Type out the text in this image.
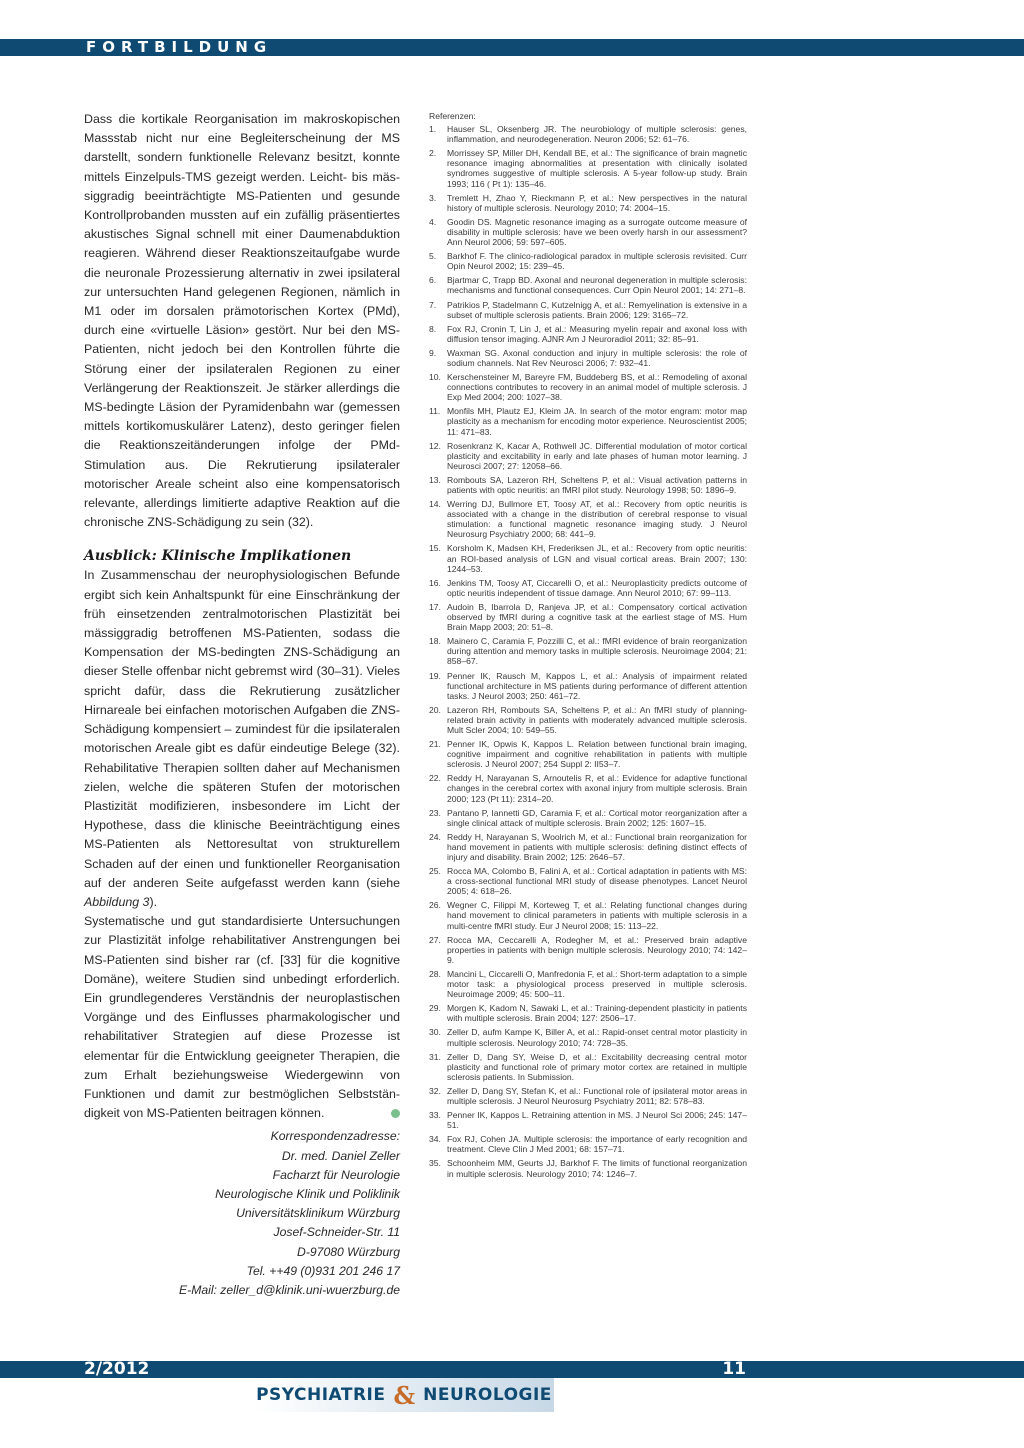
FORTBILDUNG

Dass die kortikale Reorganisation im makroskopischen Massstab nicht nur eine Begleiterscheinung der MS darstellt, sondern funktionelle Relevanz besitzt, konnte mittels Einzelpuls-TMS gezeigt werden. Leicht- bis mässiggradig beeinträchtigte MS-Patienten und gesunde Kontrollprobanden mussten auf ein zufällig präsentiertes akustisches Signal schnell mit einer Daumenabduktion reagieren. Während dieser Reaktionszeitaufgabe wurde die neuronale Prozessierung alternativ in zwei ipsilateral zur untersuchten Hand gelegenen Regionen, nämlich in M1 oder im dorsalen prämotorischen Kortex (PMd), durch eine «virtuelle Läsion» gestört. Nur bei den MS-Patienten, nicht jedoch bei den Kontrollen führte die Störung einer der ipsilateralen Regionen zu einer Verlängerung der Reaktionszeit. Je stärker allerdings die MS-bedingte Läsion der Pyramidenbahn war (gemessen mittels kortikomuskulärer Latenz), desto geringer fielen die Reaktionszeitänderungen infolge der PMd-Stimulation aus. Die Rekrutierung ipsilateraler motorischer Areale scheint also eine kompensatorisch relevante, allerdings limitierte adaptive Reaktion auf die chronische ZNS-Schädigung zu sein (32).

Ausblick: Klinische Implikationen

In Zusammenschau der neurophysiologischen Befunde ergibt sich kein Anhaltspunkt für eine Einschränkung der früh einsetzenden zentralmotorischen Plastizität bei mässiggradig betroffenen MS-Patienten, sodass die Kompensation der MS-bedingten ZNS-Schädigung an dieser Stelle offenbar nicht gebremst wird (30–31). Vieles spricht dafür, dass die Rekrutierung zusätzlicher Hirnareale bei einfachen motorischen Aufgaben die ZNS-Schädigung kompensiert – zumindest für die ipsilateralen motorischen Areale gibt es dafür eindeutige Belege (32). Rehabilitative Therapien sollten daher auf Mechanismen zielen, welche die späteren Stufen der motorischen Plastizität modifizieren, insbesondere im Licht der Hypothese, dass die klinische Beeinträchtigung eines MS-Patienten als Nettoresultat von strukturellem Schaden auf der einen und funktioneller Reorganisation auf der anderen Seite aufgefasst werden kann (siehe Abbildung 3).

Systematische und gut standardisierte Untersuchungen zur Plastizität infolge rehabilitativer Anstrengungen bei MS-Patienten sind bisher rar (cf. [33] für die kognitive Domäne), weitere Studien sind unbedingt erforderlich. Ein grundlegenderes Verständnis der neuroplastischen Vorgänge und des Einflusses pharmakologischer und rehabilitativer Strategien auf diese Prozesse ist elementar für die Entwicklung geeigneter Therapien, die zum Erhalt beziehungsweise Wiedergewinn von Funktionen und damit zur bestmöglichen Selbstständigkeit von MS-Patienten beitragen können.

Korrespondenzadresse:
Dr. med. Daniel Zeller
Facharzt für Neurologie
Neurologische Klinik und Poliklinik
Universitätsklinikum Würzburg
Josef-Schneider-Str. 11
D-97080 Würzburg
Tel. ++49 (0)931 201 246 17
E-Mail: zeller_d@klinik.uni-wuerzburg.de
Referenzen:
1.	Hauser SL, Oksenberg JR. The neurobiology of multiple sclerosis: genes, inflammation, and neurodegeneration. Neuron 2006; 52: 61–76.
2.	Morrissey SP, Miller DH, Kendall BE, et al.: The significance of brain magnetic resonance imaging abnormalities at presentation with clinically isolated syndromes suggestive of multiple sclerosis. A 5-year follow-up study. Brain 1993; 116 ( Pt 1): 135–46.
3.	Tremlett H, Zhao Y, Rieckmann P, et al.: New perspectives in the natural history of multiple sclerosis. Neurology 2010; 74: 2004–15.
4.	Goodin DS. Magnetic resonance imaging as a surrogate outcome measure of disability in multiple sclerosis: have we been overly harsh in our assessment? Ann Neurol 2006; 59: 597–605.
5.	Barkhof F. The clinico-radiological paradox in multiple sclerosis revisited. Curr Opin Neurol 2002; 15: 239–45.
6.	Bjartmar C, Trapp BD. Axonal and neuronal degeneration in multiple sclerosis: mechanisms and functional consequences. Curr Opin Neurol 2001; 14: 271–8.
7.	Patrikios P, Stadelmann C, Kutzelnigg A, et al.: Remyelination is extensive in a subset of multiple sclerosis patients. Brain 2006; 129: 3165–72.
8.	Fox RJ, Cronin T, Lin J, et al.: Measuring myelin repair and axonal loss with diffusion tensor imaging. AJNR Am J Neuroradiol 2011; 32: 85–91.
9.	Waxman SG. Axonal conduction and injury in multiple sclerosis: the role of sodium channels. Nat Rev Neurosci 2006; 7: 932–41.
10. Kerschensteiner M, Bareyre FM, Buddeberg BS, et al.: Remodeling of axonal connections contributes to recovery in an animal model of multiple sclerosis. J Exp Med 2004; 200: 1027–38.
11. Monfils MH, Plautz EJ, Kleim JA. In search of the motor engram: motor map plasticity as a mechanism for encoding motor experience. Neuroscientist 2005; 11: 471–83.
12. Rosenkranz K, Kacar A, Rothwell JC. Differential modulation of motor cortical plasticity and excitability in early and late phases of human motor learning. J Neurosci 2007; 27: 12058–66.
13. Rombouts SA, Lazeron RH, Scheltens P, et al.: Visual activation patterns in patients with optic neuritis: an fMRI pilot study. Neurology 1998; 50: 1896–9.
14. Werring DJ, Bullmore ET, Toosy AT, et al.: Recovery from optic neuritis is associated with a change in the distribution of cerebral response to visual stimulation: a functional magnetic resonance imaging study. J Neurol Neurosurg Psychiatry 2000; 68: 441–9.
15. Korsholm K, Madsen KH, Frederiksen JL, et al.: Recovery from optic neuritis: an ROI-based analysis of LGN and visual cortical areas. Brain 2007; 130: 1244–53.
16. Jenkins TM, Toosy AT, Ciccarelli O, et al.: Neuroplasticity predicts outcome of optic neuritis independent of tissue damage. Ann Neurol 2010; 67: 99–113.
17. Audoin B, Ibarrola D, Ranjeva JP, et al.: Compensatory cortical activation observed by fMRI during a cognitive task at the earliest stage of MS. Hum Brain Mapp 2003; 20: 51–8.
18. Mainero C, Caramia F, Pozzilli C, et al.: fMRI evidence of brain reorganization during attention and memory tasks in multiple sclerosis. Neuroimage 2004; 21: 858–67.
19. Penner IK, Rausch M, Kappos L, et al.: Analysis of impairment related functional architecture in MS patients during performance of different attention tasks. J Neurol 2003; 250: 461–72.
20. Lazeron RH, Rombouts SA, Scheltens P, et al.: An fMRI study of planning-related brain activity in patients with moderately advanced multiple sclerosis. Mult Scler 2004; 10: 549–55.
21. Penner IK, Opwis K, Kappos L. Relation between functional brain imaging, cognitive impairment and cognitive rehabilitation in patients with multiple sclerosis. J Neurol 2007; 254 Suppl 2: II53–7.
22. Reddy H, Narayanan S, Arnoutelis R, et al.: Evidence for adaptive functional changes in the cerebral cortex with axonal injury from multiple sclerosis. Brain 2000; 123 (Pt 11): 2314–20.
23. Pantano P, Iannetti GD, Caramia F, et al.: Cortical motor reorganization after a single clinical attack of multiple sclerosis. Brain 2002; 125: 1607–15.
24. Reddy H, Narayanan S, Woolrich M, et al.: Functional brain reorganization for hand movement in patients with multiple sclerosis: defining distinct effects of injury and disability. Brain 2002; 125: 2646–57.
25. Rocca MA, Colombo B, Falini A, et al.: Cortical adaptation in patients with MS: a cross-sectional functional MRI study of disease phenotypes. Lancet Neurol 2005; 4: 618–26.
26. Wegner C, Filippi M, Korteweg T, et al.: Relating functional changes during hand movement to clinical parameters in patients with multiple sclerosis in a multi-centre fMRI study. Eur J Neurol 2008; 15: 113–22.
27. Rocca MA, Ceccarelli A, Rodegher M, et al.: Preserved brain adaptive properties in patients with benign multiple sclerosis. Neurology 2010; 74: 142–9.
28. Mancini L, Ciccarelli O, Manfredonia F, et al.: Short-term adaptation to a simple motor task: a physiological process preserved in multiple sclerosis. Neuroimage 2009; 45: 500–11.
29. Morgen K, Kadom N, Sawaki L, et al.: Training-dependent plasticity in patients with multiple sclerosis. Brain 2004; 127: 2506–17.
30. Zeller D, aufm Kampe K, Biller A, et al.: Rapid-onset central motor plasticity in multiple sclerosis. Neurology 2010; 74: 728–35.
31. Zeller D, Dang SY, Weise D, et al.: Excitability decreasing central motor plasticity and functional role of primary motor cortex are retained in multiple sclerosis patients. In Submission.
32. Zeller D, Dang SY, Stefan K, et al.: Functional role of ipsilateral motor areas in multiple sclerosis. J Neurol Neurosurg Psychiatry 2011; 82: 578–83.
33. Penner IK, Kappos L. Retraining attention in MS. J Neurol Sci 2006; 245: 147–51.
34. Fox RJ, Cohen JA. Multiple sclerosis: the importance of early recognition and treatment. Cleve Clin J Med 2001; 68: 157–71.
35. Schoonheim MM, Geurts JJ, Barkhof F. The limits of functional reorganization in multiple sclerosis. Neurology 2010; 74: 1246–7.
2/2012	11
PSYCHIATRIE & NEUROLOGIE
